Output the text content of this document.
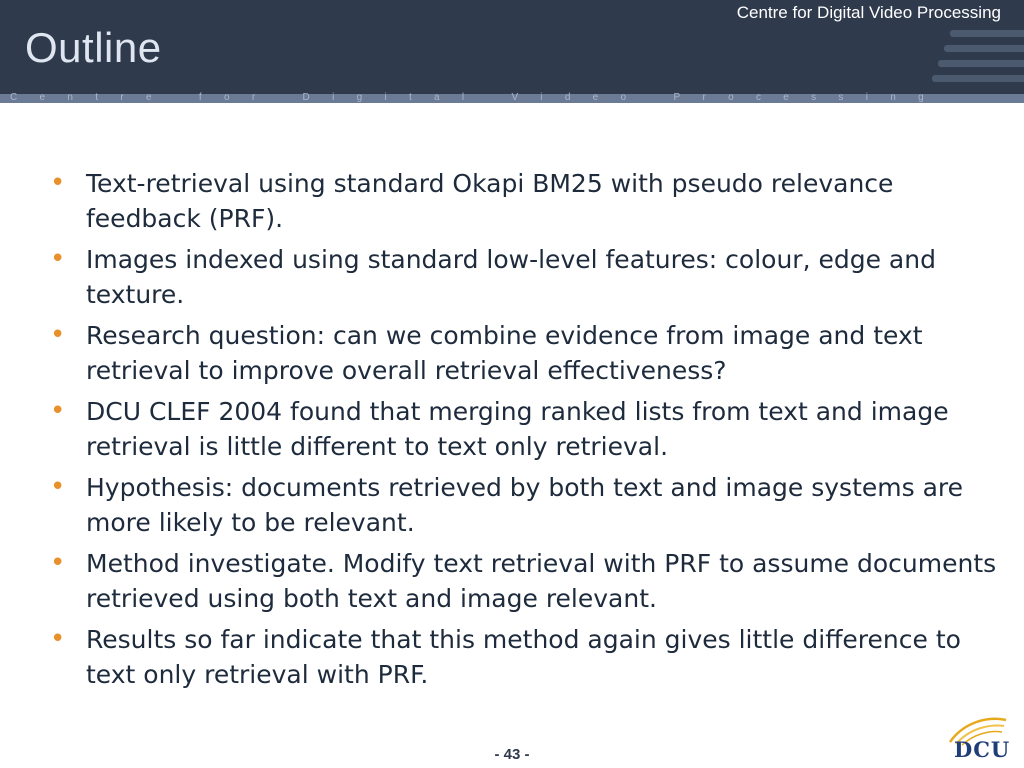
Centre for Digital Video Processing
Outline
Centre for Digital Video Processing
• Text-retrieval using standard Okapi BM25 with pseudo relevance feedback (PRF).
• Images indexed using standard low-level features: colour, edge and texture.
• Research question: can we combine evidence from image and text retrieval to improve overall retrieval effectiveness?
• DCU CLEF 2004 found that merging ranked lists from text and image retrieval is little different to text only retrieval.
• Hypothesis: documents retrieved by both text and image systems are more likely to be relevant.
• Method investigate. Modify text retrieval with PRF to assume documents retrieved using both text and image relevant.
• Results so far indicate that this method again gives little difference to text only retrieval with PRF.
- 43 -	DCU
